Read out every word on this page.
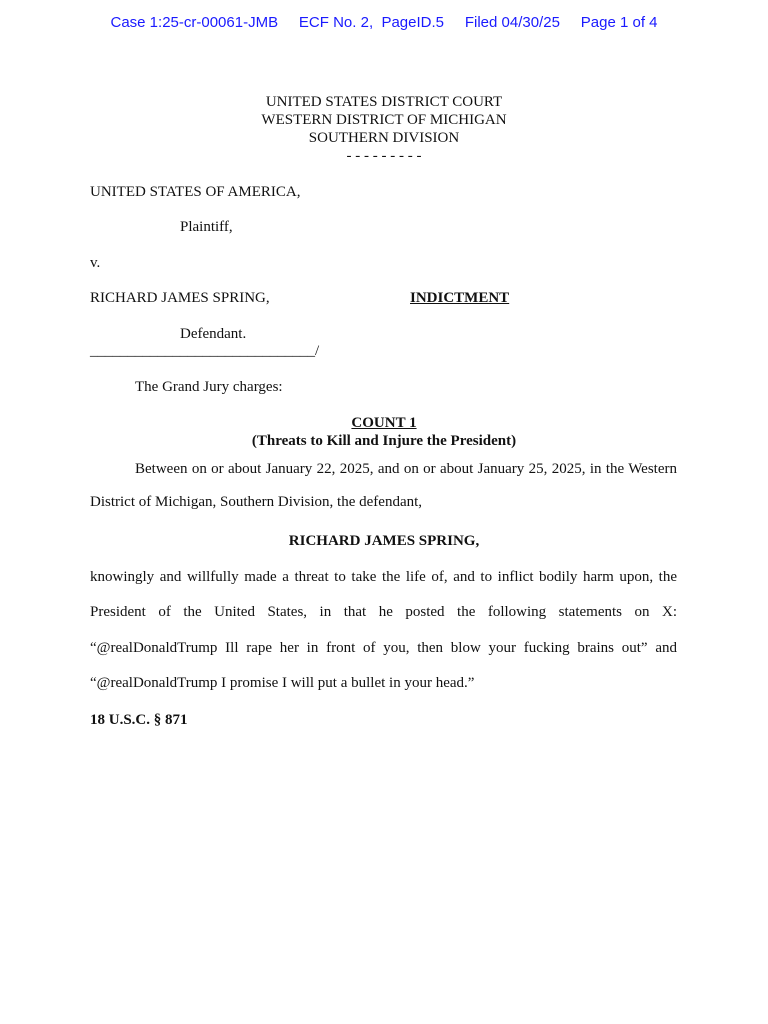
Case 1:25-cr-00061-JMB ECF No. 2,  PageID.5 Filed 04/30/25 Page 1 of 4
UNITED STATES DISTRICT COURT
WESTERN DISTRICT OF MICHIGAN
SOUTHERN DIVISION
- - - - - - - - -
UNITED STATES OF AMERICA,
Plaintiff,
v.
RICHARD JAMES SPRING,	INDICTMENT
Defendant.
______________________________/
The Grand Jury charges:
COUNT 1
(Threats to Kill and Injure the President)
Between on or about January 22, 2025, and on or about January 25, 2025, in the Western
District of Michigan, Southern Division, the defendant,
RICHARD JAMES SPRING,
knowingly and willfully made a threat to take the life of, and to inflict bodily harm upon, the
President of the United States, in that he posted the following statements on X:
“@realDonaldTrump Ill rape her in front of you, then blow your fucking brains out” and
“@realDonaldTrump I promise I will put a bullet in your head.”
18 U.S.C. § 871
